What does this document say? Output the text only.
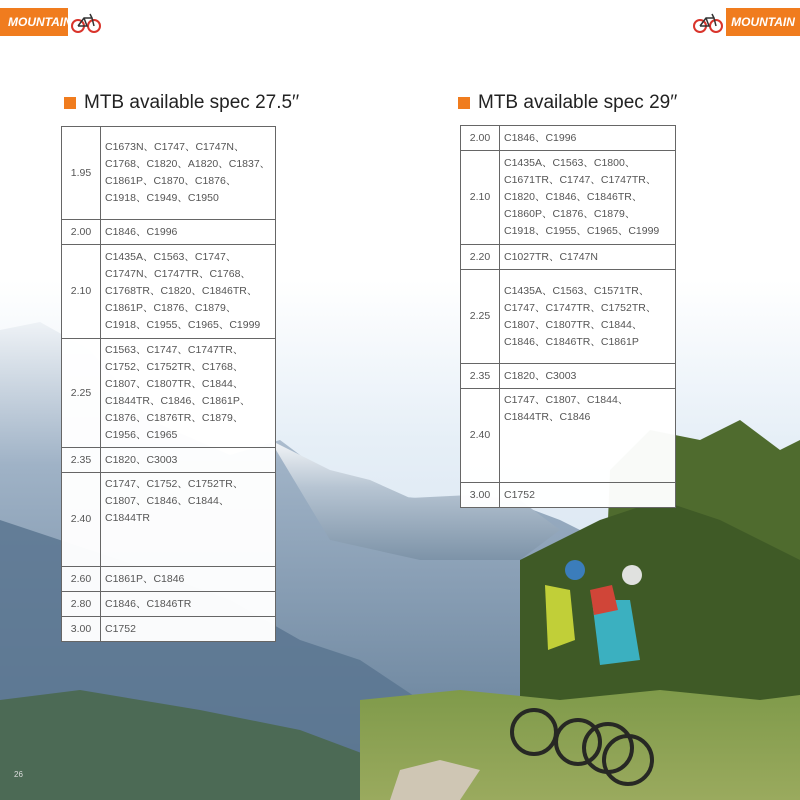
MOUNTAIN	MOUNTAIN
MTB available spec 27.5′′	MTB available spec 29′′
1.95	C1673N、C1747、C1747N、C1768、C1820、A1820、C1837、C1861P、C1870、C1876、C1918、C1949、C1950
2.00	C1846、C1996
2.10	C1435A、C1563、C1747、C1747N、C1747TR、C1768、C1768TR、C1820、C1846TR、C1861P、C1876、C1879、C1918、C1955、C1965、C1999
2.25	C1563、C1747、C1747TR、C1752、C1752TR、C1768、C1807、C1807TR、C1844、C1844TR、C1846、C1861P、C1876、C1876TR、C1879、C1956、C1965
2.35	C1820、C3003
2.40	C1747、C1752、C1752TR、C1807、C1846、C1844、C1844TR
2.60	C1861P、C1846
2.80	C1846、C1846TR
3.00	C1752
2.00	C1846、C1996
2.10	C1435A、C1563、C1800、C1671TR、C1747、C1747TR、C1820、C1846、C1846TR、C1860P、C1876、C1879、C1918、C1955、C1965、C1999
2.20	C1027TR、C1747N
2.25	C1435A、C1563、C1571TR、C1747、C1747TR、C1752TR、C1807、C1807TR、C1844、C1846、C1846TR、C1861P
2.35	C1820、C3003
2.40	C1747、C1807、C1844、C1844TR、C1846
3.00	C1752
26
